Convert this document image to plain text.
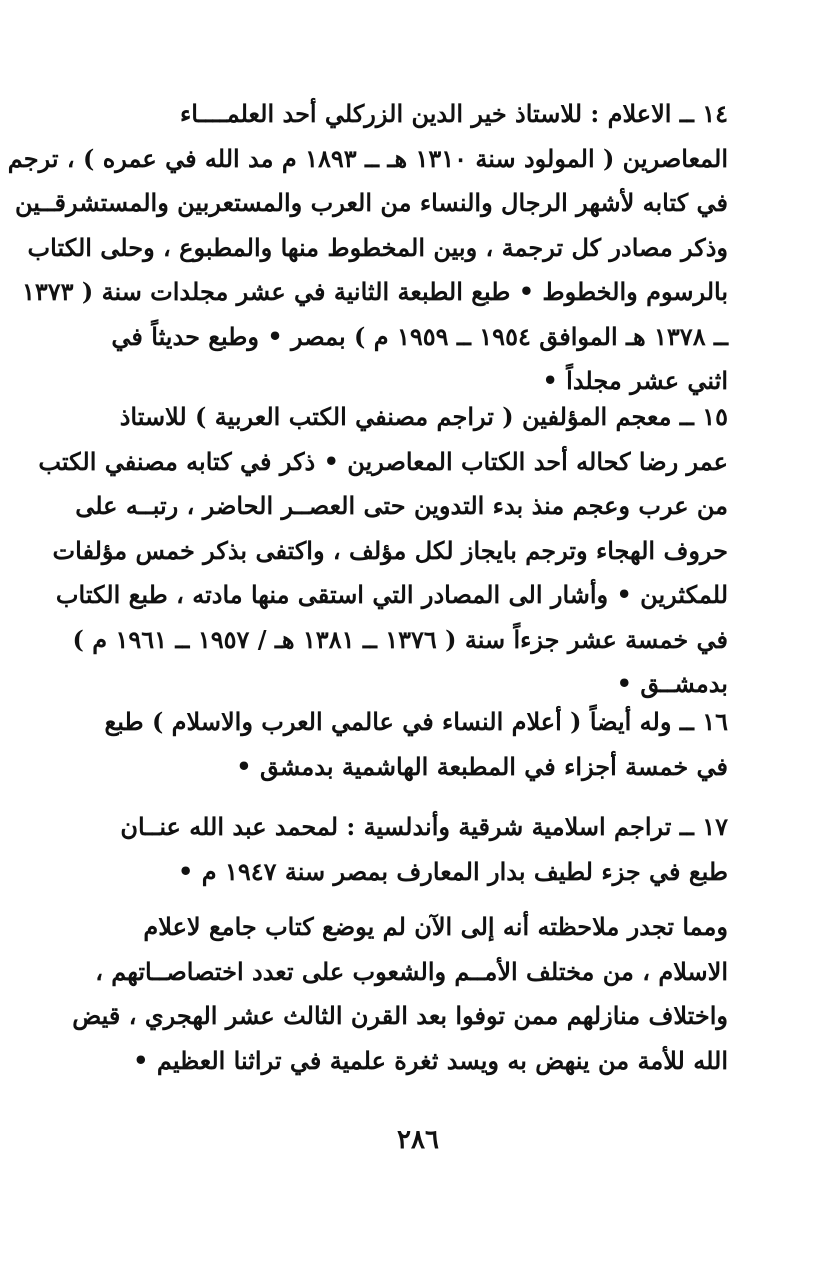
١٤ ــ الاعلام : للاستاذ خير الدين الزركلي أحد العلمــــاء
المعاصرين ( المولود سنة ١٣١٠ هـ ــ ١٨٩٣ م مد الله في عمره ) ، ترجم
في كتابه لأشهر الرجال والنساء من العرب والمستعربين والمستشرقــين
وذكر مصادر كل ترجمة ، وبين المخطوط منها والمطبوع ، وحلى الكتاب
بالرسوم والخطوط • طبع الطبعة الثانية في عشر مجلدات سنة ( ١٣٧٣
ــ ١٣٧٨ هـ الموافق ١٩٥٤ ــ ١٩٥٩ م ) بمصر • وطبع حديثاً في
اثني عشر مجلداً •
١٥ ــ معجم المؤلفين ( تراجم مصنفي الكتب العربية ) للاستاذ
عمر رضا كحاله أحد الكتاب المعاصرين • ذكر في كتابه مصنفي الكتب
من عرب وعجم منذ بدء التدوين حتى العصــر الحاضر ، رتبــه على
حروف الهجاء وترجم بايجاز لكل مؤلف ، واكتفى بذكر خمس مؤلفات
للمكثرين • وأشار الى المصادر التي استقى منها مادته ، طبع الكتاب
في خمسة عشر جزءاً سنة ( ١٣٧٦ ــ ١٣٨١ هـ / ١٩٥٧ ــ ١٩٦١ م )
بدمشــق •
١٦ ــ وله أيضاً ( أعلام النساء في عالمي العرب والاسلام ) طبع
في خمسة أجزاء في المطبعة الهاشمية بدمشق •
١٧ ــ تراجم اسلامية شرقية وأندلسية : لمحمد عبد الله عنــان
طبع في جزء لطيف بدار المعارف بمصر سنة ١٩٤٧ م •
ومما تجدر ملاحظته أنه إلى الآن لم يوضع كتاب جامع لاعلام
الاسلام ، من مختلف الأمــم والشعوب على تعدد اختصاصــاتهم ،
واختلاف منازلهم ممن توفوا بعد القرن الثالث عشر الهجري ، قيض
الله للأمة من ينهض به ويسد ثغرة علمية في تراثنا العظيم •
٢٨٦
